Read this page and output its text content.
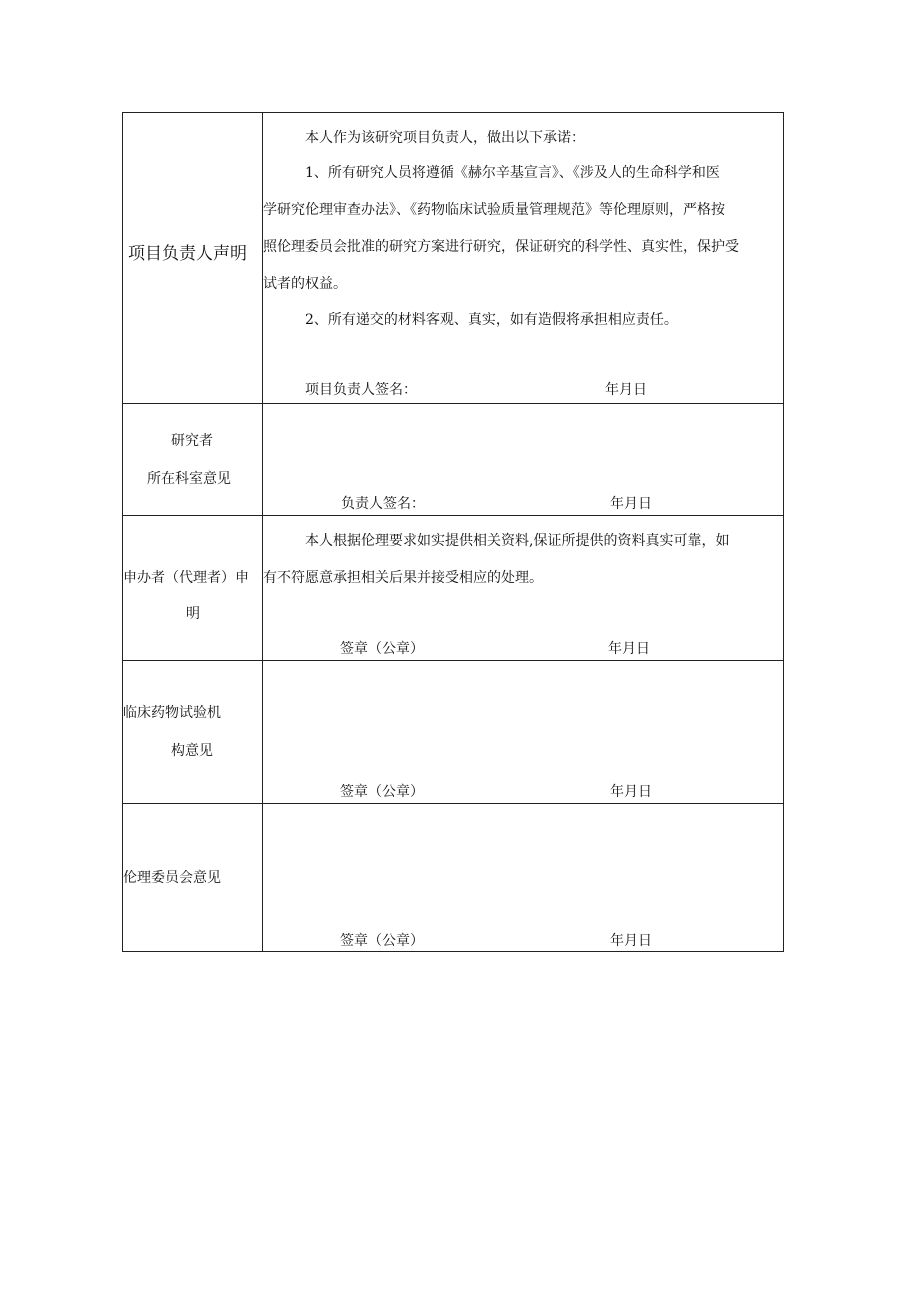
项目负责人声明
本人作为该研究项目负责人，做出以下承诺：
1、所有研究人员将遵循《赫尔辛基宣言》、《涉及人的生命科学和医
学研究伦理审查办法》、《药物临床试验质量管理规范》等伦理原则，严格按
照伦理委员会批准的研究方案进行研究，保证研究的科学性、真实性，保护受
试者的权益。
2、所有递交的材料客观、真实，如有造假将承担相应责任。
项目负责人签名：	年月日
研究者
所在科室意见
负责人签名：	年月日
申办者（代理者）申
明
本人根据伦理要求如实提供相关资料,保证所提供的资料真实可靠，如
有不符愿意承担相关后果并接受相应的处理。
签章（公章）	年月日
临床药物试验机
构意见
签章（公章）	年月日
伦理委员会意见
签章（公章）	年月日
